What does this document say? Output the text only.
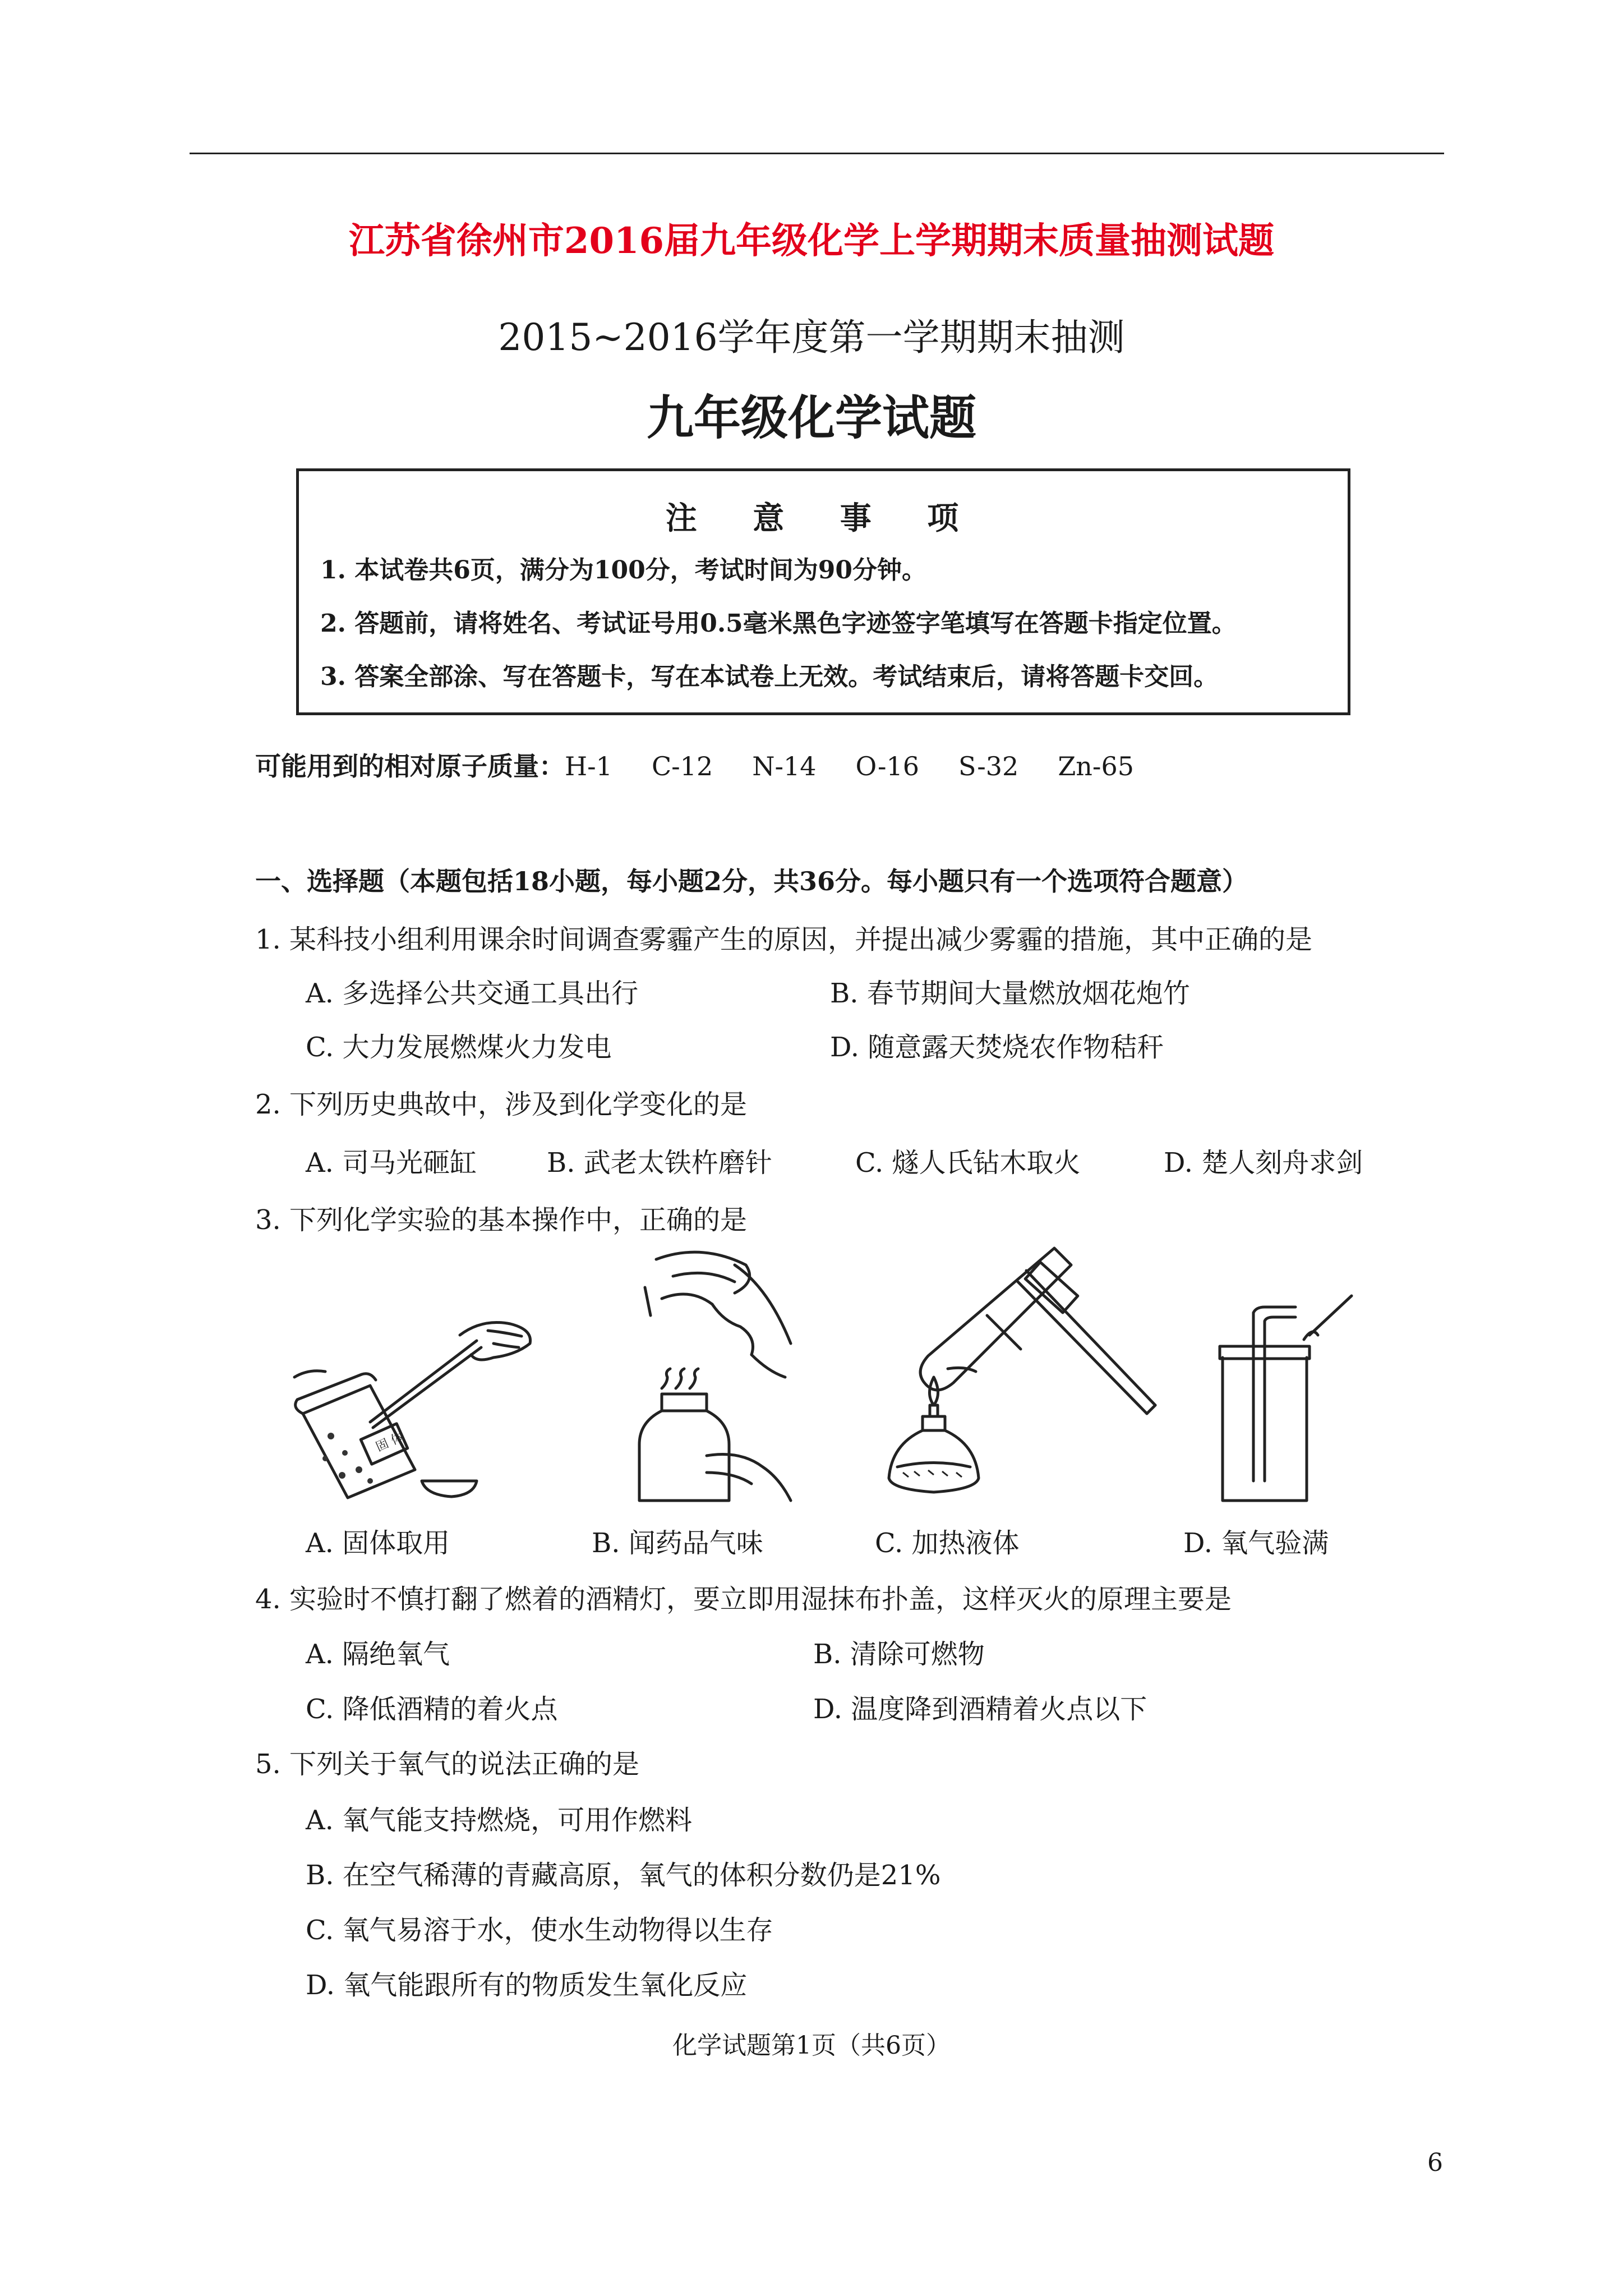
江苏省徐州市2016届九年级化学上学期期末质量抽测试题
2015~2016学年度第一学期期末抽测
九年级化学试题
注 意 事 项
1. 本试卷共6页，满分为100分，考试时间为90分钟。
2. 答题前，请将姓名、考试证号用0.5毫米黑色字迹签字笔填写在答题卡指定位置。
3. 答案全部涂、写在答题卡，写在本试卷上无效。考试结束后，请将答题卡交回。
可能用到的相对原子质量：H-1 C-12 N-14 O-16 S-32 Zn-65
一、选择题（本题包括18小题，每小题2分，共36分。每小题只有一个选项符合题意）
1. 某科技小组利用课余时间调查雾霾产生的原因，并提出减少雾霾的措施，其中正确的是
A. 多选择公共交通工具出行	B. 春节期间大量燃放烟花炮竹
C. 大力发展燃煤火力发电	D. 随意露天焚烧农作物秸秆
2. 下列历史典故中，涉及到化学变化的是
A. 司马光砸缸	B. 武老太铁杵磨针	C. 燧人氏钻木取火	D. 楚人刻舟求剑
3. 下列化学实验的基本操作中，正确的是
固 体
A. 固体取用	B. 闻药品气味	C. 加热液体	D. 氧气验满
4. 实验时不慎打翻了燃着的酒精灯，要立即用湿抹布扑盖，这样灭火的原理主要是
A. 隔绝氧气	B. 清除可燃物
C. 降低酒精的着火点	D. 温度降到酒精着火点以下
5. 下列关于氧气的说法正确的是
A. 氧气能支持燃烧，可用作燃料
B. 在空气稀薄的青藏高原，氧气的体积分数仍是21%
C. 氧气易溶于水，使水生动物得以生存
D. 氧气能跟所有的物质发生氧化反应
化学试题第1页（共6页）
6
